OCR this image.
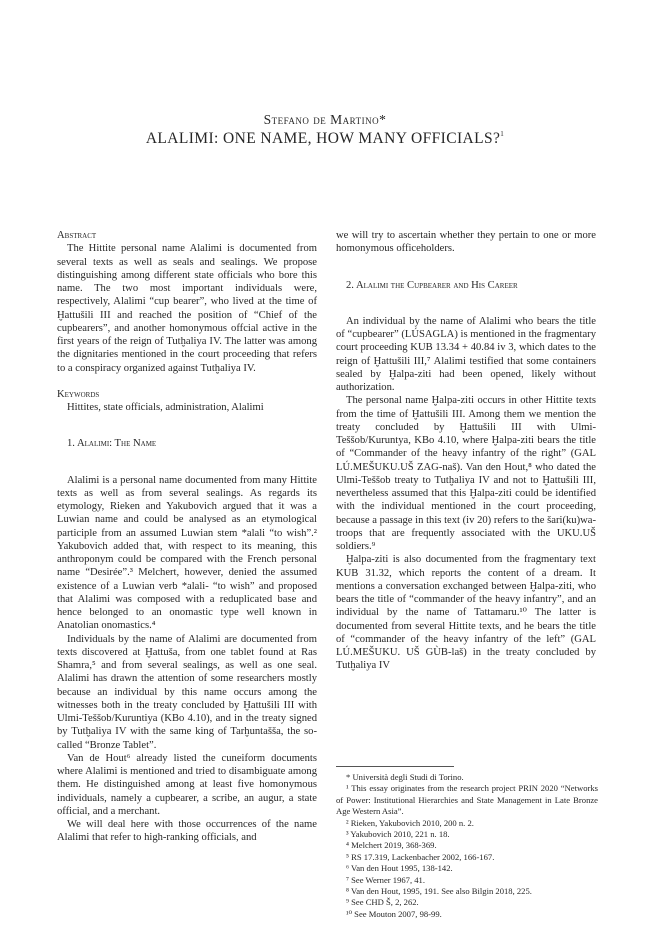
Stefano de Martino*
ALALIMI: ONE NAME, HOW MANY OFFICIALS?$^1$

Abstract

The Hittite personal name Alalimi is documented from several texts as well as seals and sealings. We propose distinguishing among different state officials who bore this name. The two most important individuals were, respectively, Alalimi “cup bearer”, who lived at the time of Ḫattušili III and reached the position of “Chief of the cupbearers”, and another homonymous offcial active in the first years of the reign of Tutḫaliya IV. The latter was among the dignitaries mentioned in the court proceeding that refers to a conspiracy organized against Tutḫaliya IV.

Keywords

Hittites, state officials, administration, Alalimi

1. Alalimi: The Name

Alalimi is a personal name documented from many Hittite texts as well as from several sealings. As regards its etymology, Rieken and Yakubovich argued that it was a Luwian name and could be analysed as an etymological participle from an assumed Luwian stem *alali “to wish”.² Yakubovich added that, with respect to its meaning, this anthroponym could be compared with the French personal name “Desirée”.³ Melchert, however, denied the assumed existence of a Luwian verb *alali- “to wish” and proposed that Alalimi was composed with a reduplicated base and hence belonged to an onomastic type well known in Anatolian onomastics.⁴

Individuals by the name of Alalimi are documented from texts discovered at Ḫattuša, from one tablet found at Ras Shamra,⁵ and from several sealings, as well as one seal. Alalimi has drawn the attention of some researchers mostly because an individual by this name occurs among the witnesses both in the treaty concluded by Ḫattušili III with Ulmi-Teššob/Kuruntiya (KBo 4.10), and in the treaty signed by Tutḫaliya IV with the same king of Tarḫuntašša, the so-called “Bronze Tablet”.

Van de Hout⁶ already listed the cuneiform documents where Alalimi is mentioned and tried to disambiguate among them. He distinguished among at least five homonymous individuals, namely a cupbearer, a scribe, an augur, a state official, and a merchant.

We will deal here with those occurrences of the name Alalimi that refer to high-ranking officials, and

we will try to ascertain whether they pertain to one or more homonymous officeholders.

2. Alalimi the Cupbearer and His Career

An individual by the name of Alalimi who bears the title of “cupbearer” (LÚSAGLA) is mentioned in the fragmentary court proceeding KUB 13.34 + 40.84 iv 3, which dates to the reign of Ḫattušili III,⁷ Alalimi testified that some containers sealed by Ḫalpa-ziti had been opened, likely without authorization.

The personal name Ḫalpa-ziti occurs in other Hittite texts from the time of Ḫattušili III. Among them we mention the treaty concluded by Ḫattušili III with Ulmi-Teššob/Kuruntya, KBo 4.10, where Ḫalpa-ziti bears the title of “Commander of the heavy infantry of the right” (GAL LÚ.MEŠUKU.UŠ ZAG-naš). Van den Hout,⁸ who dated the Ulmi-Teššob treaty to Tutḫaliya IV and not to Ḫattušili III, nevertheless assumed that this Ḫalpa-ziti could be identified with the individual mentioned in the court proceeding, because a passage in this text (iv 20) refers to the šari(ku)wa-troops that are frequently associated with the UKU.UŠ soldiers.⁹

Ḫalpa-ziti is also documented from the fragmentary text KUB 31.32, which reports the content of a dream. It mentions a conversation exchanged between Ḫalpa-ziti, who bears the title of “commander of the heavy infantry”, and an individual by the name of Tattamaru.¹⁰ The latter is documented from several Hittite texts, and he bears the title of “commander of the heavy infantry of the left” (GAL LÚ.MEŠUKU. UŠ GÙB-laš) in the treaty concluded by Tutḫaliya IV

* Università degli Studi di Torino.

¹ This essay originates from the research project PRIN 2020 “Networks of Power: Institutional Hierarchies and State Management in Late Bronze Age Western Asia”.

² Rieken, Yakubovich 2010, 200 n. 2.

³ Yakubovich 2010, 221 n. 18.

⁴ Melchert 2019, 368-369.

⁵ RS 17.319, Lackenbacher 2002, 166-167.

⁶ Van den Hout 1995, 138-142.

⁷ See Werner 1967, 41.

⁸ Van den Hout, 1995, 191. See also Bilgin 2018, 225.

⁹ See CHD Š, 2, 262.

¹⁰ See Mouton 2007, 98-99.
